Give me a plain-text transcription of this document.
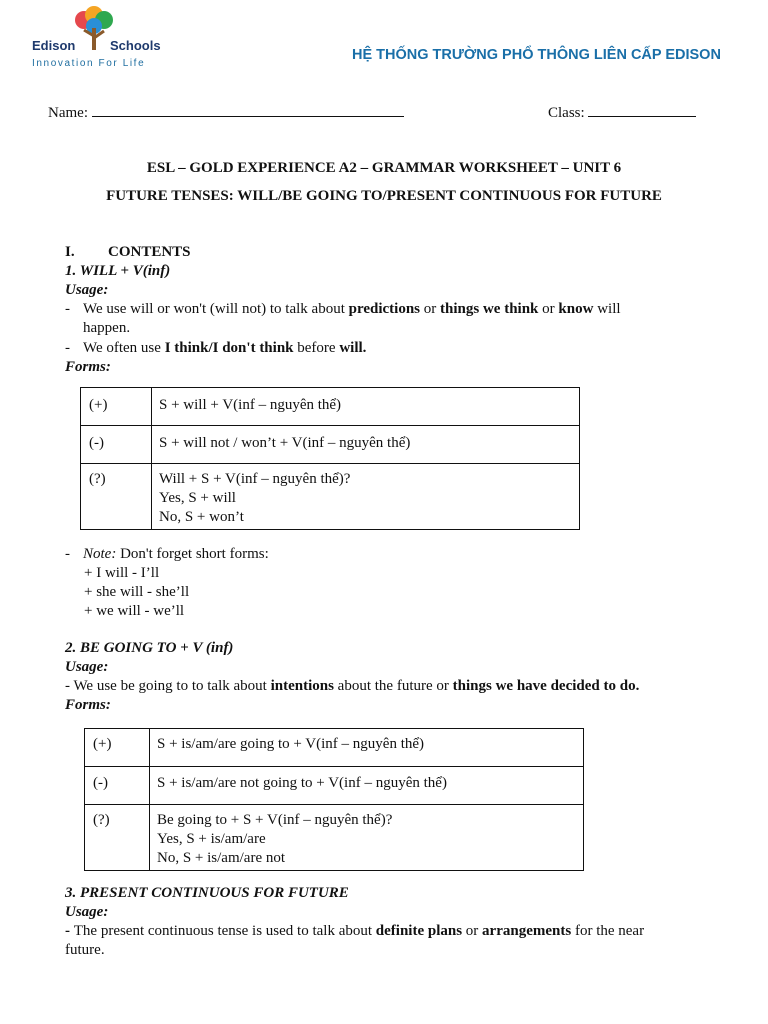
Edison	Schools
Innovation For Life
HỆ THỐNG TRƯỜNG PHỔ THÔNG LIÊN CẤP EDISON
Name:	Class:
ESL – GOLD EXPERIENCE A2 – GRAMMAR WORKSHEET – UNIT 6
FUTURE TENSES: WILL/BE GOING TO/PRESENT CONTINUOUS FOR FUTURE
I. CONTENTS
1. WILL + V(inf)
Usage:
- We use will or won't (will not) to talk about predictions or things we think or know will
happen.
- We often use I think/I don't think before will.
Forms:
(+)	S + will + V(inf – nguyên thể)
(-)	S + will not / won’t + V(inf – nguyên thể)
(?)	Will + S + V(inf – nguyên thể)?
Yes, S + will
No, S + won’t
- Note: Don't forget short forms:
+ I will - I’ll
+ she will - she’ll
+ we will - we’ll
2. BE GOING TO + V (inf)
Usage:
- We use be going to to talk about intentions about the future or things we have decided to do.
Forms:
(+)	S + is/am/are going to + V(inf – nguyên thể)
(-)	S + is/am/are not going to + V(inf – nguyên thể)
(?)	Be going to + S + V(inf – nguyên thể)?
Yes, S + is/am/are
No, S + is/am/are not
3. PRESENT CONTINUOUS FOR FUTURE
Usage:
- The present continuous tense is used to talk about definite plans or arrangements for the near
future.
